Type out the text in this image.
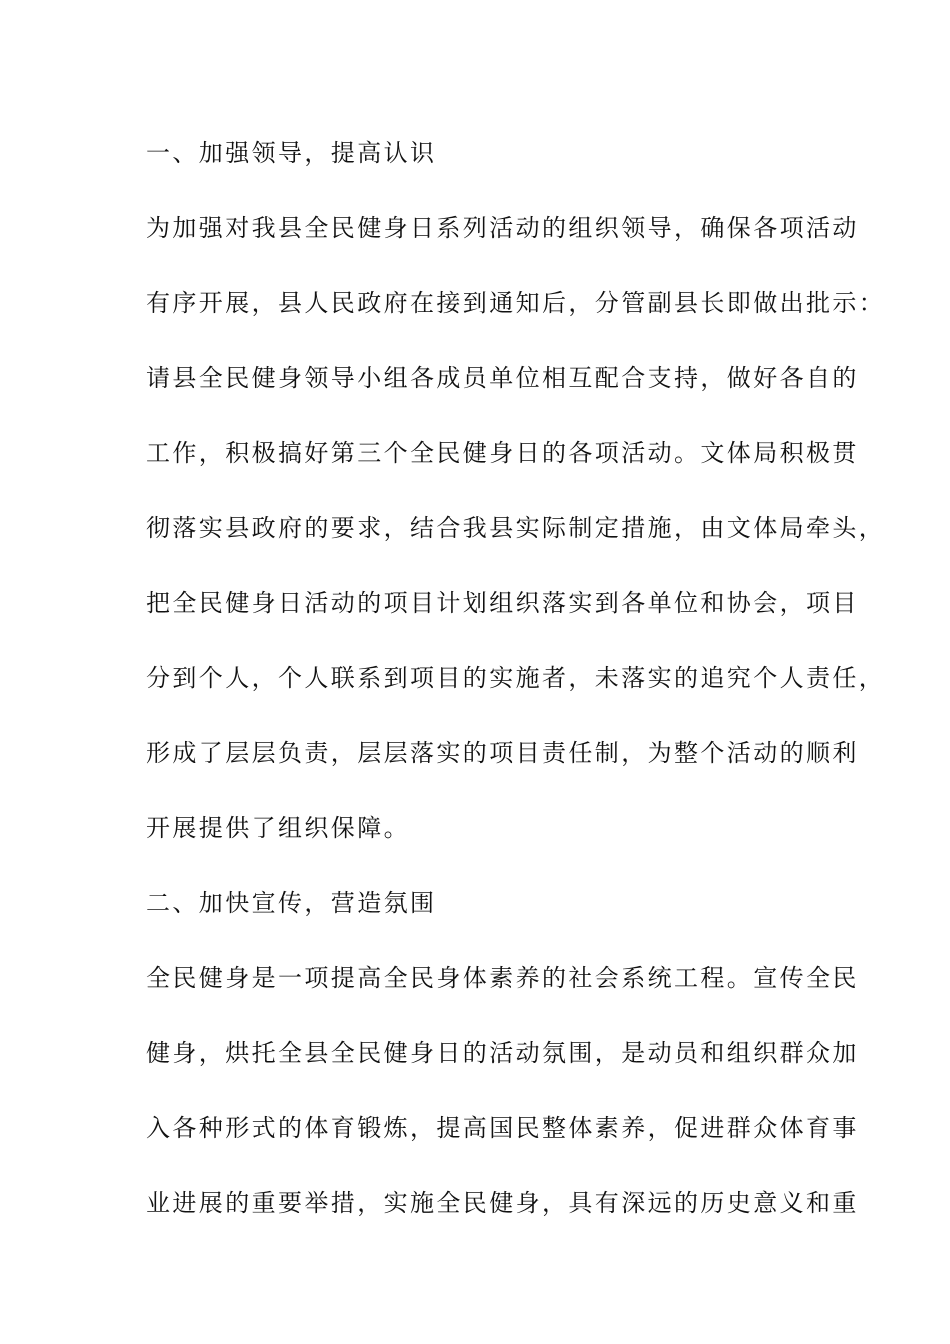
一、加强领导，提高认识
为加强对我县全民健身日系列活动的组织领导，确保各项活动
有序开展，县人民政府在接到通知后，分管副县长即做出批示：
请县全民健身领导小组各成员单位相互配合支持，做好各自的
工作，积极搞好第三个全民健身日的各项活动。文体局积极贯
彻落实县政府的要求，结合我县实际制定措施，由文体局牵头，
把全民健身日活动的项目计划组织落实到各单位和协会，项目
分到个人，个人联系到项目的实施者，未落实的追究个人责任，
形成了层层负责，层层落实的项目责任制，为整个活动的顺利
开展提供了组织保障。
二、加快宣传，营造氛围
全民健身是一项提高全民身体素养的社会系统工程。宣传全民
健身，烘托全县全民健身日的活动氛围，是动员和组织群众加
入各种形式的体育锻炼，提高国民整体素养，促进群众体育事
业进展的重要举措，实施全民健身，具有深远的历史意义和重
